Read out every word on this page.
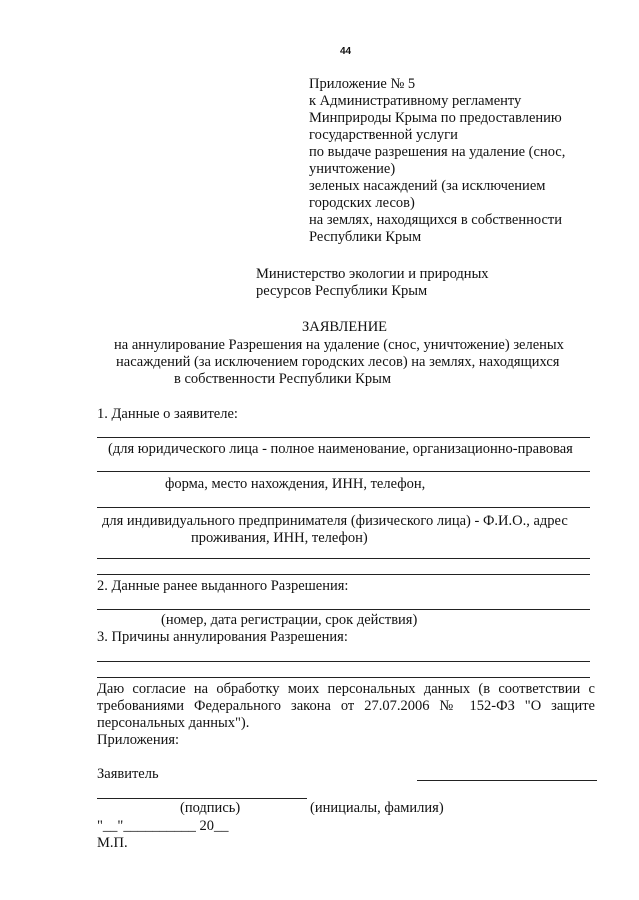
44
Приложение № 5
к Административному регламенту
Минприроды Крыма по предоставлению
государственной услуги
по выдаче разрешения на удаление (снос,
уничтожение)
зеленых насаждений (за исключением
городских лесов)
на землях, находящихся в собственности
Республики Крым
Министерство экологии и природных
ресурсов Республики Крым
ЗАЯВЛЕНИЕ
на аннулирование Разрешения на удаление (снос, уничтожение) зеленых
насаждений (за исключением городских лесов) на землях, находящихся
в собственности Республики Крым
1. Данные о заявителе:
(для юридического лица - полное наименование, организационно-правовая
форма, место нахождения, ИНН, телефон,
для индивидуального предпринимателя (физического лица) - Ф.И.О., адрес
проживания, ИНН, телефон)
2. Данные ранее выданного Разрешения:
(номер, дата регистрации, срок действия)
3. Причины аннулирования Разрешения:
Даю согласие на обработку моих персональных данных (в соответствии с
требованиями Федерального закона от 27.07.2006 № 152-ФЗ "О защите
персональных данных").
Приложения:
Заявитель
(подпись)	(инициалы, фамилия)
"__"__________ 20__
М.П.
